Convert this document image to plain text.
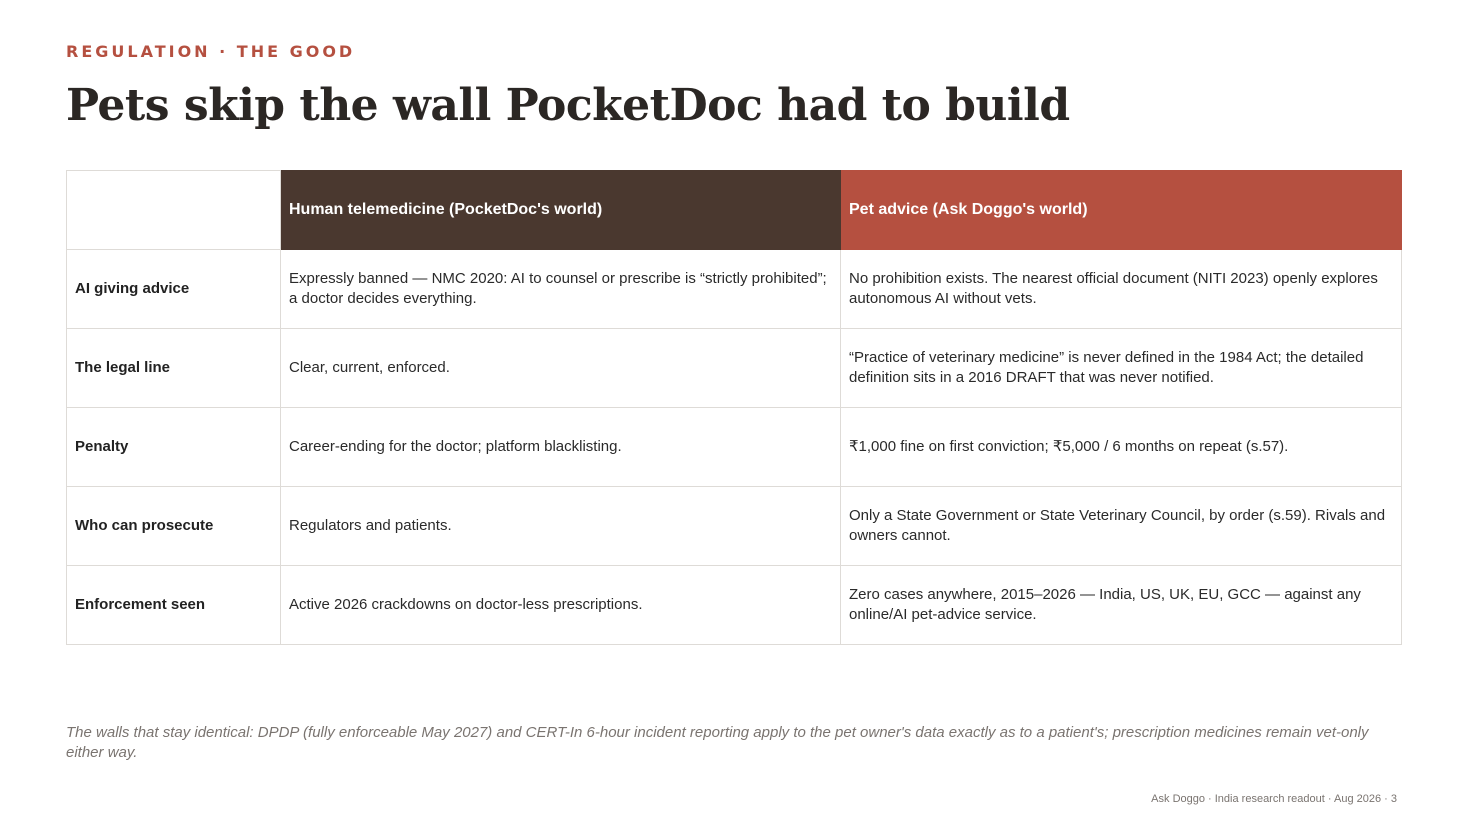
REGULATION · THE GOOD
Pets skip the wall PocketDoc had to build
	Human telemedicine (PocketDoc's world)	Pet advice (Ask Doggo's world)
AI giving advice	Expressly banned — NMC 2020: AI to counsel or prescribe is “strictly prohibited”; a doctor decides everything.	No prohibition exists. The nearest official document (NITI 2023) openly explores autonomous AI without vets.
The legal line	Clear, current, enforced.	“Practice of veterinary medicine” is never defined in the 1984 Act; the detailed definition sits in a 2016 DRAFT that was never notified.
Penalty	Career-ending for the doctor; platform blacklisting.	₹1,000 fine on first conviction; ₹5,000 / 6 months on repeat (s.57).
Who can prosecute	Regulators and patients.	Only a State Government or State Veterinary Council, by order (s.59). Rivals and owners cannot.
Enforcement seen	Active 2026 crackdowns on doctor-less prescriptions.	Zero cases anywhere, 2015–2026 — India, US, UK, EU, GCC — against any online/AI pet-advice service.
The walls that stay identical: DPDP (fully enforceable May 2027) and CERT-In 6-hour incident reporting apply to the pet owner's data exactly as to a patient's; prescription medicines remain vet-only either way.
Ask Doggo · India research readout · Aug 2026 · 3
